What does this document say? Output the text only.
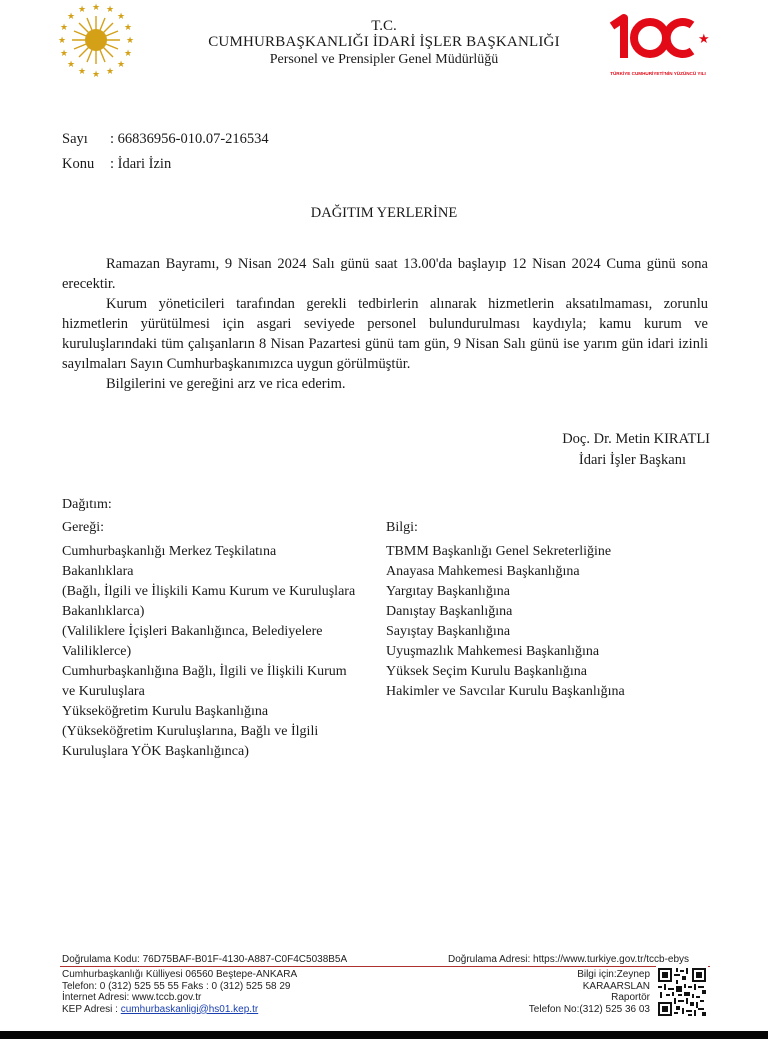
★ ★
★
★
★
★
★
★
★
★
★
★
★
★
★
★
T.C.
CUMHURBAŞKANLIĞI İDARİ İŞLER BAŞKANLIĞI
Personel ve Prensipler Genel Müdürlüğü
★
TÜRKİYE CUMHURİYETİ'NİN YÜZÜNCÜ YILI
Sayı : 66836956-010.07-216534
Konu : İdari İzin
DAĞITIM YERLERİNE
Ramazan Bayramı, 9 Nisan 2024 Salı günü saat 13.00'da başlayıp 12 Nisan 2024 Cuma günü sona erecektir.
Kurum yöneticileri tarafından gerekli tedbirlerin alınarak hizmetlerin aksatılmaması, zorunlu hizmetlerin yürütülmesi için asgari seviyede personel bulundurulması kaydıyla; kamu kurum ve kuruluşlarındaki tüm çalışanların 8 Nisan Pazartesi günü tam gün, 9 Nisan Salı günü ise yarım gün idari izinli sayılmaları Sayın Cumhurbaşkanımızca uygun görülmüştür.
Bilgilerini ve gereğini arz ve rica ederim.
Doç. Dr. Metin KIRATLI
İdari İşler Başkanı
Dağıtım:
Gereği:	Bilgi:
Cumhurbaşkanlığı Merkez Teşkilatına
Bakanlıklara
(Bağlı, İlgili ve İlişkili Kamu Kurum ve Kuruluşlara
Bakanlıklarca)
(Valiliklere İçişleri Bakanlığınca, Belediyelere
Valiliklerce)
Cumhurbaşkanlığına Bağlı, İlgili ve İlişkili Kurum
ve Kuruluşlara
Yükseköğretim Kurulu Başkanlığına
(Yükseköğretim Kuruluşlarına, Bağlı ve İlgili
Kuruluşlara YÖK Başkanlığınca)
TBMM Başkanlığı Genel Sekreterliğine
Anayasa Mahkemesi Başkanlığına
Yargıtay Başkanlığına
Danıştay Başkanlığına
Sayıştay Başkanlığına
Uyuşmazlık Mahkemesi Başkanlığına
Yüksek Seçim Kurulu Başkanlığına
Hakimler ve Savcılar Kurulu Başkanlığına
Doğrulama Kodu: 76D75BAF-B01F-4130-A887-C0F4C5038B5A	Doğrulama Adresi: https://www.turkiye.gov.tr/tccb-ebys
Cumhurbaşkanlığı Külliyesi 06560 Beştepe-ANKARA
Telefon: 0 (312) 525 55 55 Faks : 0 (312) 525 58 29
İnternet Adresi: www.tccb.gov.tr
KEP Adresi : cumhurbaskanligi@hs01.kep.tr
Bilgi için:Zeynep
KARAARSLAN
Raportör
Telefon No:(312) 525 36 03
